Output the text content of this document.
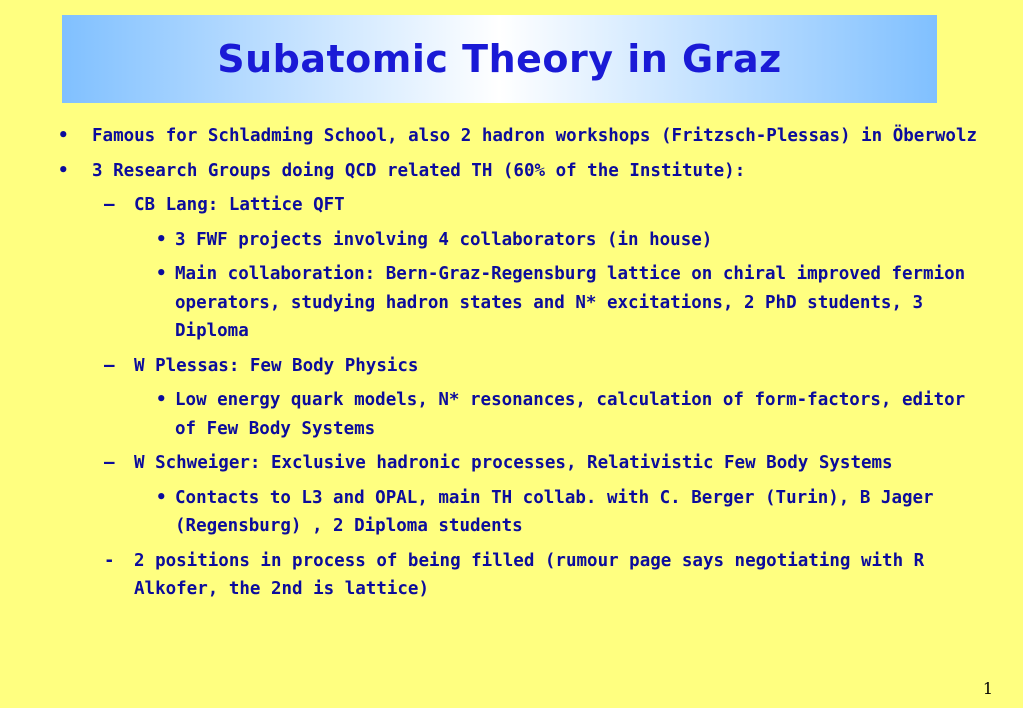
Subatomic Theory in Graz
• Famous for Schladming School, also 2 hadron workshops (Fritzsch-Plessas) in Öberwolz
• 3 Research Groups doing QCD related TH (60% of the Institute):
– CB Lang: Lattice QFT
• 3 FWF projects involving 4 collaborators (in house)
• Main collaboration: Bern-Graz-Regensburg lattice on chiral improved fermion operators, studying hadron states and N* excitations, 2 PhD students, 3 Diploma
– W Plessas: Few Body Physics
• Low energy quark models, N* resonances, calculation of form-factors, editor of Few Body Systems
– W Schweiger: Exclusive hadronic processes, Relativistic Few Body Systems
• Contacts to L3 and OPAL, main TH collab. with C. Berger (Turin), B Jager (Regensburg) , 2 Diploma students
- 2 positions in process of being filled (rumour page says negotiating with R Alkofer, the 2nd is lattice)
1
